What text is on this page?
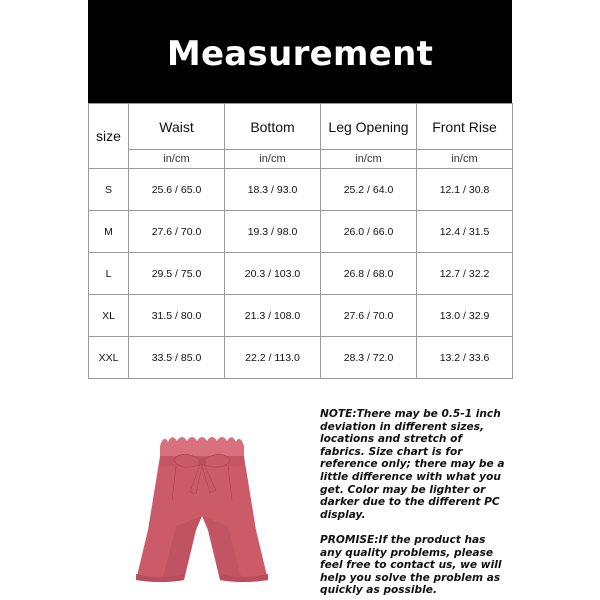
Measurement
size	Waist	Bottom	Leg Opening	Front Rise
	in/cm	in/cm	in/cm	in/cm
S	25.6 / 65.0	18.3 / 93.0	25.2 / 64.0	12.1 / 30.8
M	27.6 / 70.0	19.3 / 98.0	26.0 / 66.0	12.4 / 31.5
L	29.5 / 75.0	20.3 / 103.0	26.8 / 68.0	12.7 / 32.2
XL	31.5 / 80.0	21.3 / 108.0	27.6 / 70.0	13.0 / 32.9
XXL	33.5 / 85.0	22.2 / 113.0	28.3 / 72.0	13.2 / 33.6
NOTE:There may be 0.5-1 inch deviation in different sizes, locations and stretch of fabrics. Size chart is for reference only; there may be a little difference with what you get. Color may be lighter or darker due to the different PC display.
PROMISE:If the product has any quality problems, please feel free to contact us, we will help you solve the problem as quickly as possible.
